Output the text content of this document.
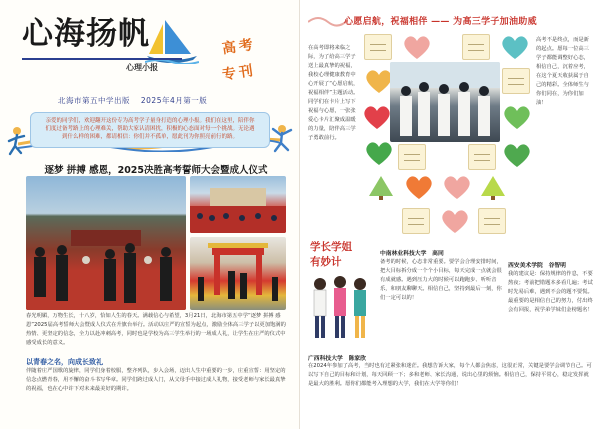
心海扬帆
心理小报
高考
专刊
北海市第五中学出版　 2025年4月第一版
亲爱的同学们，欢迎翻开这份专为高考学子量身打造的心理小报。我们在这里，陪伴你们度过备考路上的心理难关，帮助大家认清困扰，积极的心态面对每一个挑战。无论遇到什么样的困难，都请相信：你们并不孤单，愿此刊为你照亮前行的路。
逐梦 拼搏 感恩，2025决胜高考誓师大会暨成人仪式
春光明媚，万物生长，十八岁，恰如人生的春天。满载信心与希望，3月21日，北海市第五中学“逐梦 拼搏 感恩”2025届高考誓师大会暨成人仪式在升旗台举行。活动以庄严的宣誓为起点，激励全体高三学子以更加饱满的热情、更坚定的信念，全力以赴冲刺高考，同时也是学校为高三学生举行的一场成人礼，让学生在庄严的仪式中感受成长的意义。
以青春之名，向成长致礼
伴随着庄严国歌的旋律，同学们身着校服，整齐列队，步入会场，迈出人生中重要的一步，庄重宣誓：用坚定的信念点燃青春，用不懈的奋斗书写华章。同学们跨过成人门，从父母手中接过成人礼物，接受老师与家长最真挚的祝福，也在心中许下对未来最美好的期许。
心愿启航，祝福相伴 —— 为高三学子加油助威
在高考即将来临之际，为了给高三学子送上最真挚的祝福，我校心理健康教育中心开展了“心愿启航，祝福相伴”主题活动。同学们在卡片上写下祝福与心愿，一张张爱心卡片汇聚成温暖的力量，陪伴高三学子勇敢前行。
高考不是终点，而是新的起点。愿每一位高三学子都能调整好心态，相信自己，沉着应考，在这个夏天收获属于自己的精彩。全体师生与你们同在，为你们加油！
学长学姐有妙计
中南林业科技大学　高同
备考的时候，心态非常重要。要学会合理安排时间，把大目标拆分成一个个小目标，每天完成一点就会很有成就感。遇到压力大的时候可以跑跑步、听听音乐，和朋友聊聊天。相信自己，坚持到最后一刻，你们一定可以的！
西安美术学院　谷智明
我的建议是：保持规律的作息，不要熬夜；考前把错题本多看几遍；考试时先易后难，遇到不会的题不要慌。最重要的是相信自己的努力，付出终会有回报，祝学弟学妹们金榜题名！
广西科技大学　陈家欣
在2024年参加了高考，当时也有过紧张和迷茫。我想告诉大家，每个人都会焦虑，这很正常，关键是要学会调节自己。可以写下自己的目标和计划，每天回顾一下；多和老师、家长沟通，说出心里的烦恼。相信自己，保持平常心，稳定发挥就是最大的胜利。愿你们都能考入理想的大学，我们在大学等你们！
